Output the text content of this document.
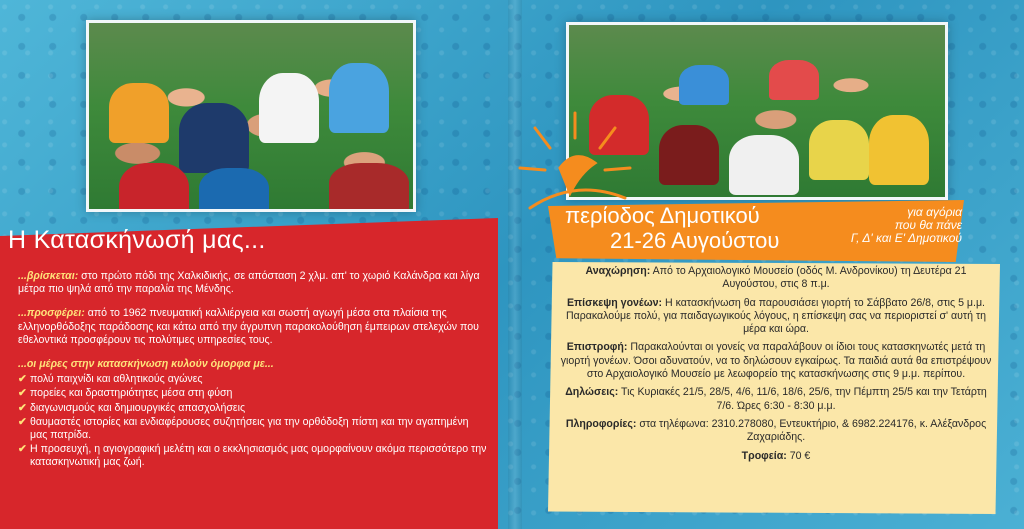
Η Κατασκήνωσή μας...

...βρίσκεται: στο πρώτο πόδι της Χαλκιδικής, σε απόσταση 2 χλμ. απ' το χωριό Καλάνδρα και λίγα μέτρα πιο ψηλά από την παραλία της Μένδης.

...προσφέρει: από το 1962 πνευματική καλλιέργεια και σωστή αγωγή μέσα στα πλαίσια της ελληνορθόδοξης παράδοσης και κάτω από την άγρυπνη παρακολούθηση έμπειρων στελεχών που εθελοντικά προσφέρουν τις πολύτιμες υπηρεσίες τους.

...οι μέρες στην κατασκήνωση κυλούν όμορφα με...
✔ πολύ παιχνίδι και αθλητικούς αγώνες
✔ πορείες και δραστηριότητες μέσα στη φύση
✔ διαγωνισμούς και δημιουργικές απασχολήσεις
✔ θαυμαστές ιστορίες και ενδιαφέρουσες συζητήσεις για την ορθόδοξη πίστη και την αγαπημένη μας πατρίδα.
✔ Η προσευχή, η αγιογραφική μελέτη και ο εκκλησιασμός μας ομορφαίνουν ακόμα περισσότερο την κατασκηνωτική μας ζωή.
περίοδος Δημοτικού
21-26 Αυγούστου
για αγόρια
που θα πάνε
Γ, Δ' και Ε' Δημοτικού

Αναχώρηση: Από το Αρχαιολογικό Μουσείο (οδός Μ. Ανδρονίκου) τη Δευτέρα 21 Αυγούστου, στις 8 π.μ.

Επίσκεψη γονέων: Η κατασκήνωση θα παρουσιάσει γιορτή το Σάββατο 26/8, στις 5 μ.μ. Παρακαλούμε πολύ, για παιδαγωγικούς λόγους, η επίσκεψη σας να περιοριστεί σ' αυτή τη μέρα και ώρα.

Επιστροφή: Παρακαλούνται οι γονείς να παραλάβουν οι ίδιοι τους κατασκηνωτές μετά τη γιορτή γονέων. Όσοι αδυνατούν, να το δηλώσουν εγκαίρως. Τα παιδιά αυτά θα επιστρέψουν στο Αρχαιολογικό Μουσείο με λεωφορείο της κατασκήνωσης στις 9 μ.μ. περίπου.

Δηλώσεις: Τις Κυριακές 21/5, 28/5, 4/6, 11/6, 18/6, 25/6, την Πέμπτη 25/5 και την Τετάρτη 7/6. Ώρες 6:30 - 8:30 μ.μ.

Πληροφορίες: στα τηλέφωνα: 2310.278080, Εντευκτήριο, & 6982.224176, κ. Αλέξανδρος Ζαχαριάδης.

Τροφεία: 70 €
